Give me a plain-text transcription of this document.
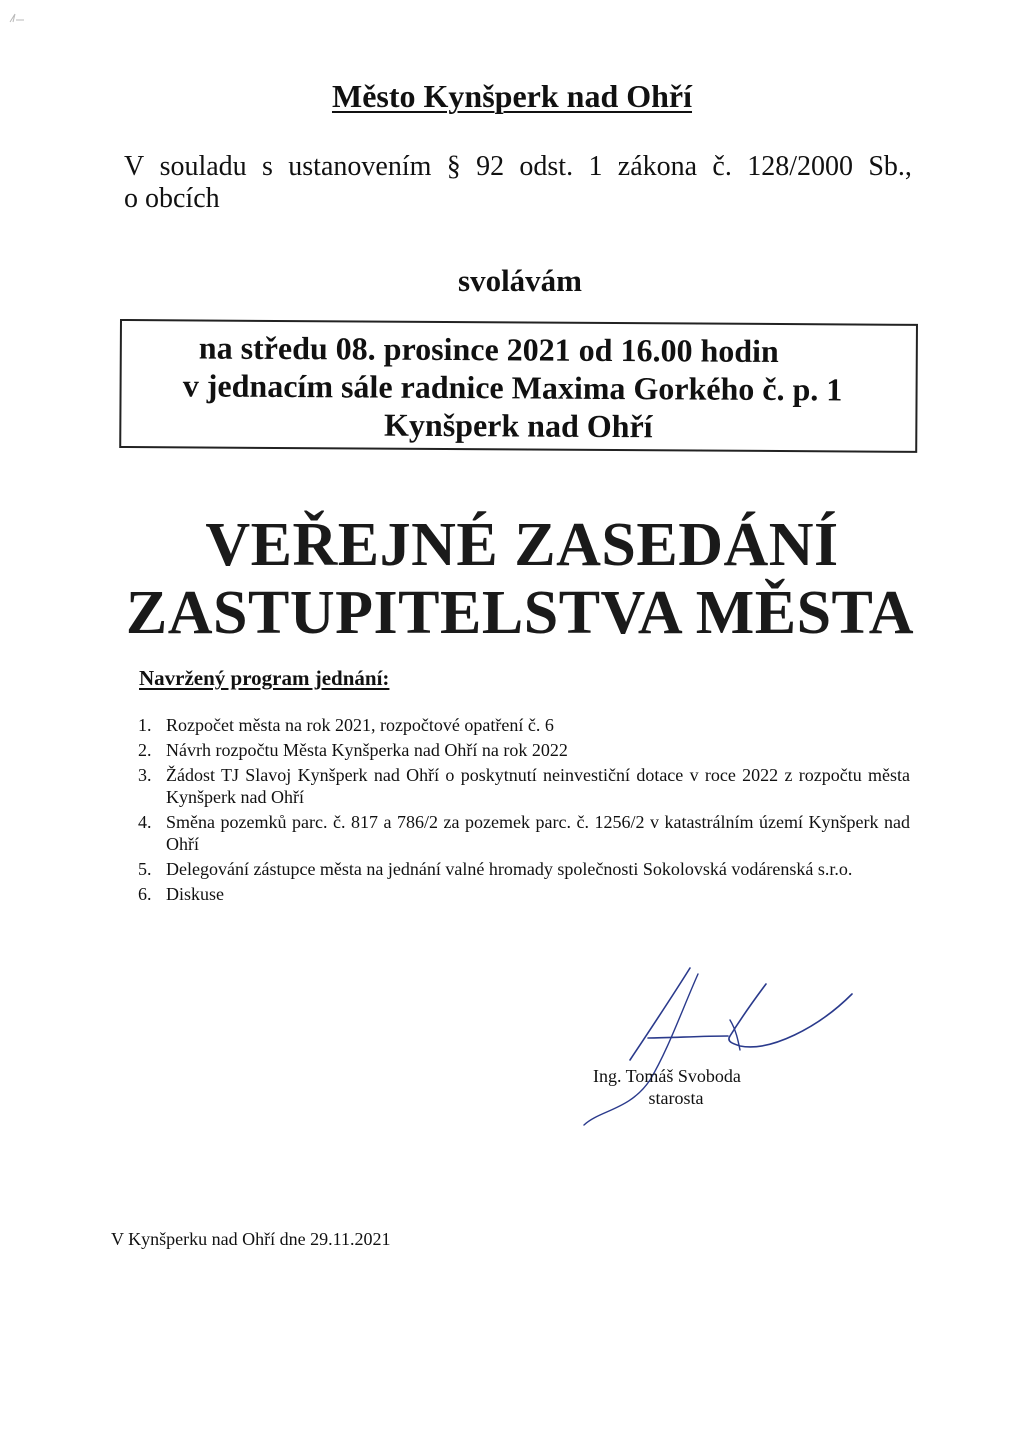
Město Kynšperk nad Ohří
V souladu s ustanovením § 92 odst. 1 zákona č. 128/2000 Sb.,
o obcích
svolávám
na středu 08. prosince 2021 od 16.00 hodin
v jednacím sále radnice Maxima Gorkého č. p. 1
Kynšperk nad Ohří
VEŘEJNÉ ZASEDÁNÍ
ZASTUPITELSTVA MĚSTA
Navržený program jednání:
1. Rozpočet města na rok 2021, rozpočtové opatření č. 6
2. Návrh rozpočtu Města Kynšperka nad Ohří na rok 2022
3. Žádost TJ Slavoj Kynšperk nad Ohří o poskytnutí neinvestiční dotace v roce 2022 z rozpočtu města Kynšperk nad Ohří
4. Směna pozemků parc. č. 817 a 786/2 za pozemek parc. č. 1256/2 v katastrálním území Kynšperk nad Ohří
5. Delegování zástupce města na jednání valné hromady společnosti Sokolovská vodárenská s.r.o.
6. Diskuse
Ing. Tomáš Svoboda
starosta
V Kynšperku nad Ohří dne 29.11.2021
